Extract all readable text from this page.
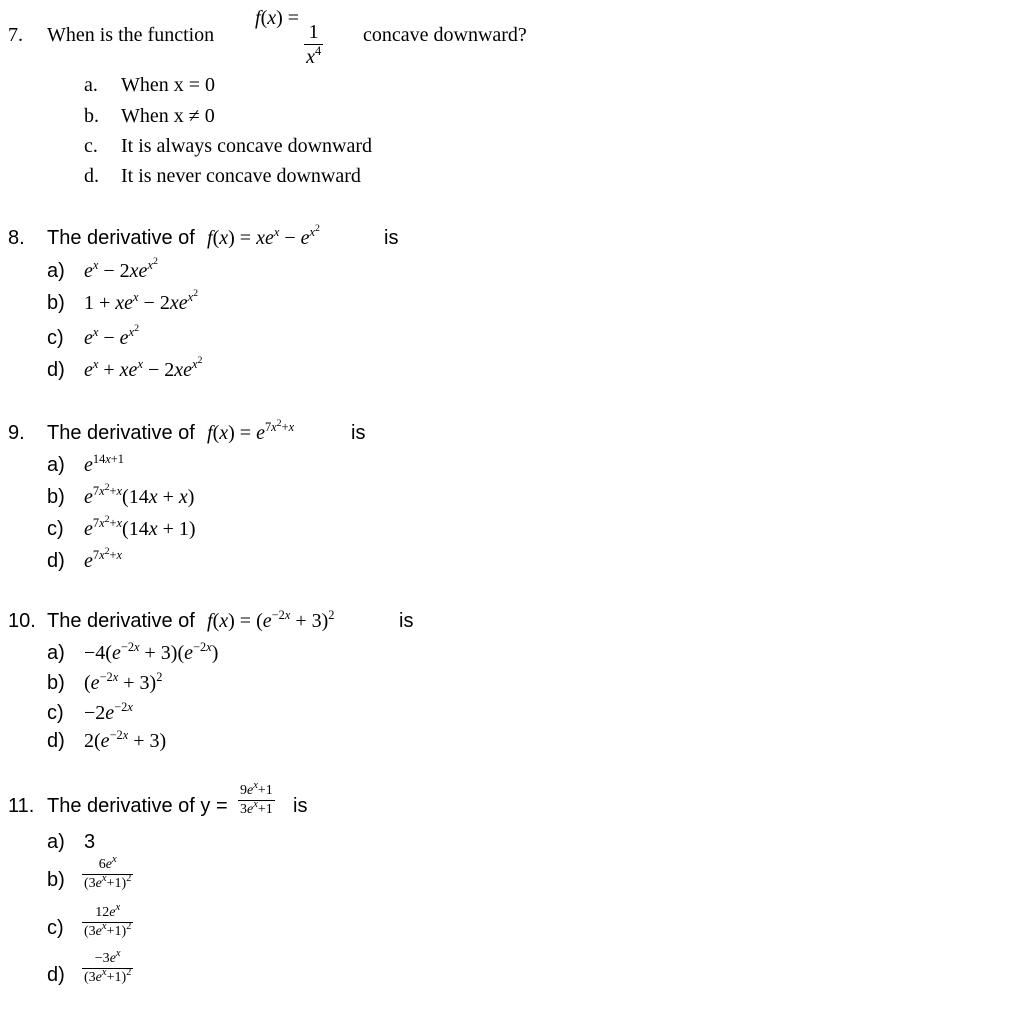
7. When is the function
f(x) =
$\frac{1}{x^4}$ concave downward?
a. When x = 0
b. When x ≠ 0
c. It is always concave downward
d. It is never concave downward
8. The derivative of $f(x) = xe^x - e^{x^2}$	is
a) $e^x - 2xe^{x^2}$
b) $1 + xe^x - 2xe^{x^2}$
c) $e^x - e^{x^2}$
d) $e^x + xe^x - 2xe^{x^2}$
9. The derivative of $f(x) = e^{7x^2+x}$	is
a) $e^{14x+1}$
b) $e^{7x^2+x}(14x + x)$
c) $e^{7x^2+x}(14x + 1)$
d) $e^{7x^2+x}$
10. The derivative of $f(x) = (e^{-2x} + 3)^2$	is
$a) -4(e^{-2x} + 3)(e^{-2x})$
b) $(e^{-2x} + 3)^2$
$c) -2e^{-2x}$
d) $2(e^{-2x} + 3)$
11. The derivative of $y = \frac{9e^x+1}{3e^x+1}$ is
a) 3
$b) \frac{6e^x}{(3e^x+1)^2}$
$c) \frac{12e^x}{(3e^x+1)^2}$
$d) \frac{-3e^x}{(3e^x+1)^2}$
